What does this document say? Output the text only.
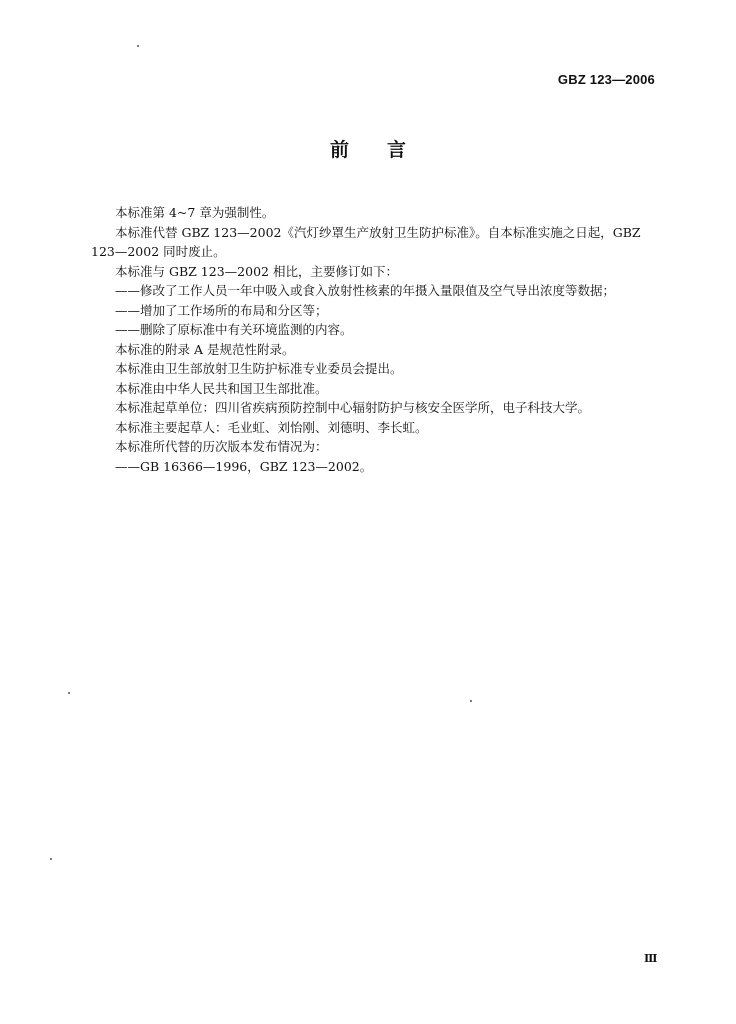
GBZ 123—2006
前 言

本标准第 4~7 章为强制性。

本标准代替 GBZ 123—2002《汽灯纱罩生产放射卫生防护标准》。自本标准实施之日起，GBZ

123—2002 同时废止。

本标准与 GBZ 123—2002 相比，主要修订如下：

——修改了工作人员一年中吸入或食入放射性核素的年摄入量限值及空气导出浓度等数据；

——增加了工作场所的布局和分区等；

——删除了原标准中有关环境监测的内容。

本标准的附录 A 是规范性附录。

本标准由卫生部放射卫生防护标准专业委员会提出。

本标准由中华人民共和国卫生部批准。

本标准起草单位：四川省疾病预防控制中心辐射防护与核安全医学所，电子科技大学。

本标准主要起草人：毛业虹、刘怡刚、刘德明、李长虹。

本标准所代替的历次版本发布情况为：

——GB 16366—1996，GBZ 123—2002。

Ⅲ
